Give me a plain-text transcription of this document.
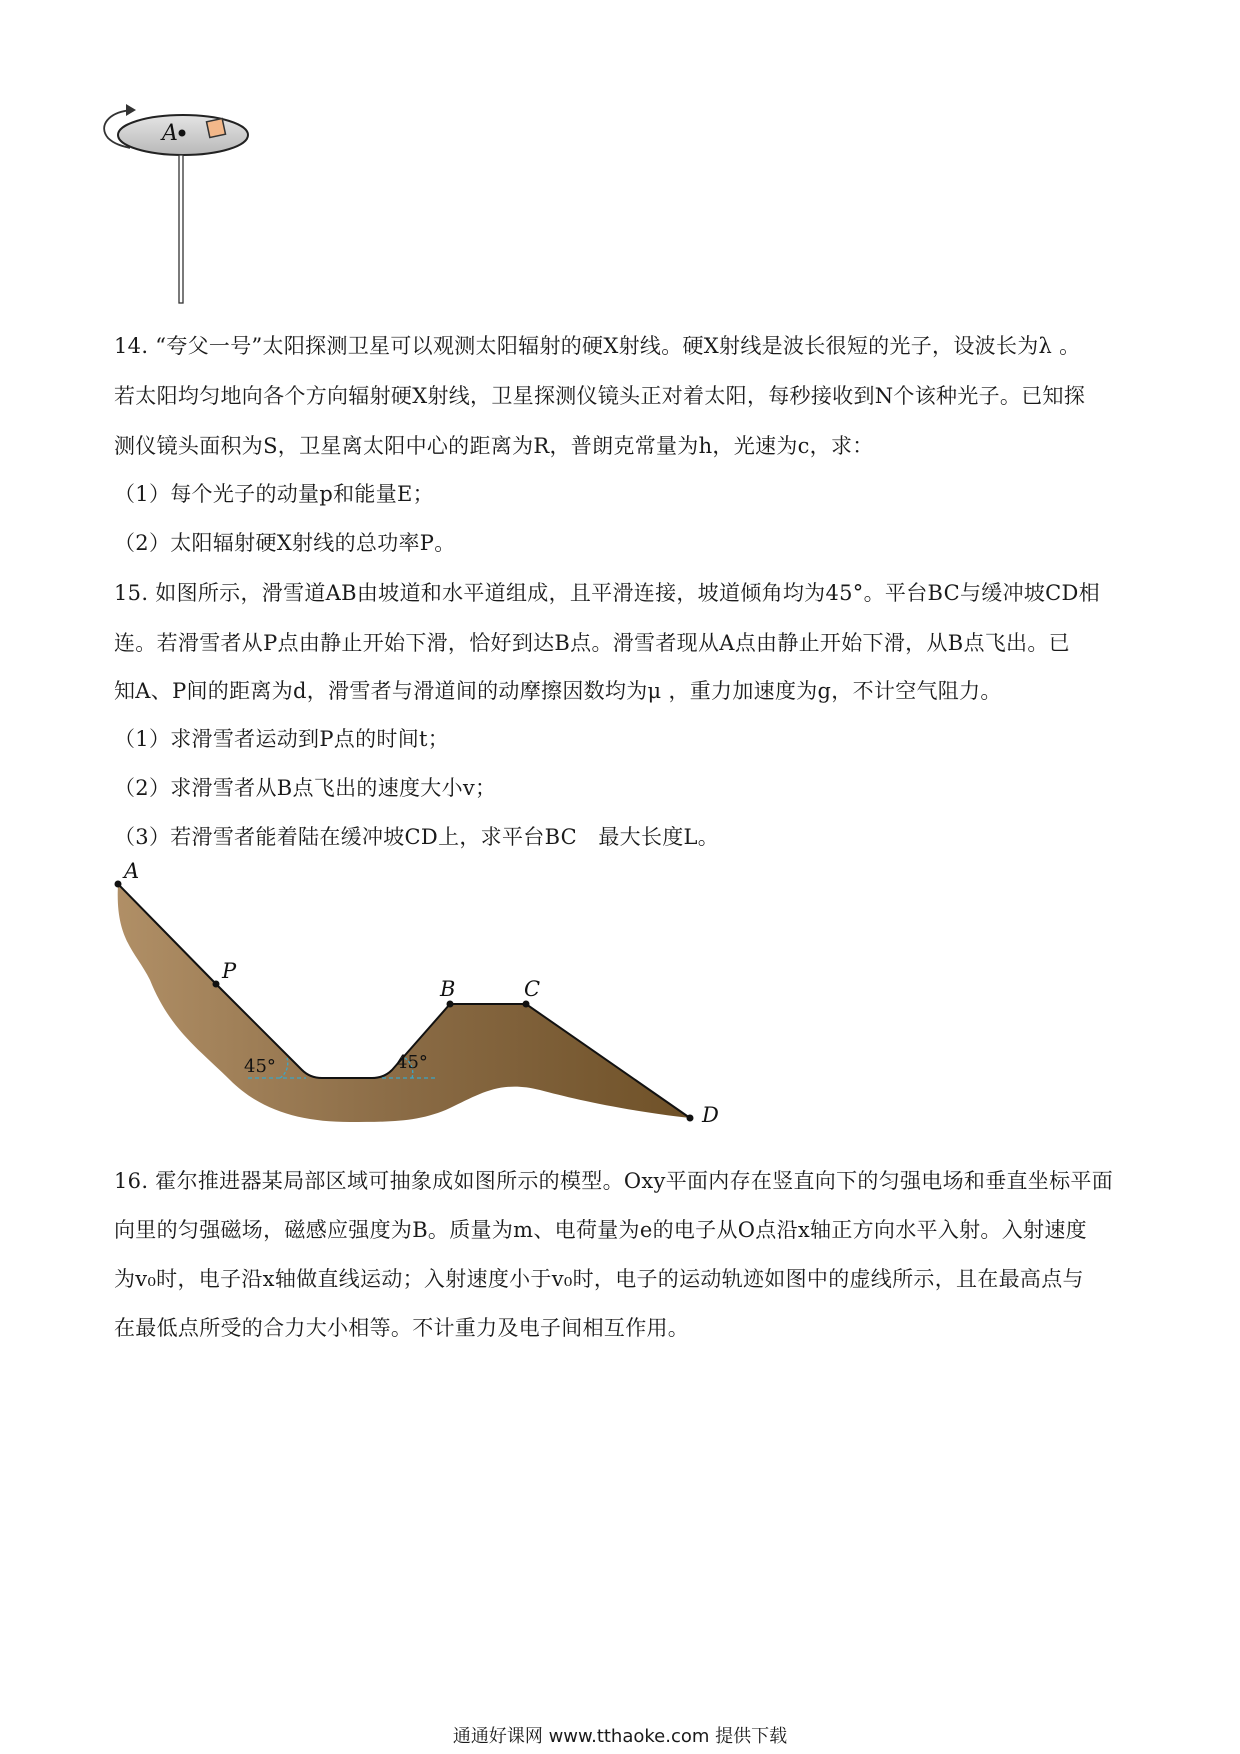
A
14. “夸父一号”太阳探测卫星可以观测太阳辐射的硬X射线。硬X射线是波长很短的光子，设波长为λ 。
若太阳均匀地向各个方向辐射硬X射线，卫星探测仪镜头正对着太阳，每秒接收到N个该种光子。已知探
测仪镜头面积为S，卫星离太阳中心的距离为R，普朗克常量为h，光速为c，求：
（1）每个光子的动量p和能量E；
（2）太阳辐射硬X射线的总功率P。
15. 如图所示，滑雪道AB由坡道和水平道组成，且平滑连接，坡道倾角均为45°。平台BC与缓冲坡CD相
连。若滑雪者从P点由静止开始下滑，恰好到达B点。滑雪者现从A点由静止开始下滑，从B点飞出。已
知A、P间的距离为d，滑雪者与滑道间的动摩擦因数均为μ ，重力加速度为g，不计空气阻力。
（1）求滑雪者运动到P点的时间t；
（2）求滑雪者从B点飞出的速度大小v；
（3）若滑雪者能着陆在缓冲坡CD上，求平台BC　最大长度L。
A
P
B	C
D
45°	45°
16. 霍尔推进器某局部区域可抽象成如图所示的模型。Oxy平面内存在竖直向下的匀强电场和垂直坐标平面
向里的匀强磁场，磁感应强度为B。质量为m、电荷量为e的电子从O点沿x轴正方向水平入射。入射速度
为v₀时，电子沿x轴做直线运动；入射速度小于v₀时，电子的运动轨迹如图中的虚线所示，且在最高点与
在最低点所受的合力大小相等。不计重力及电子间相互作用。
通通好课网 www.tthaoke.com 提供下载
